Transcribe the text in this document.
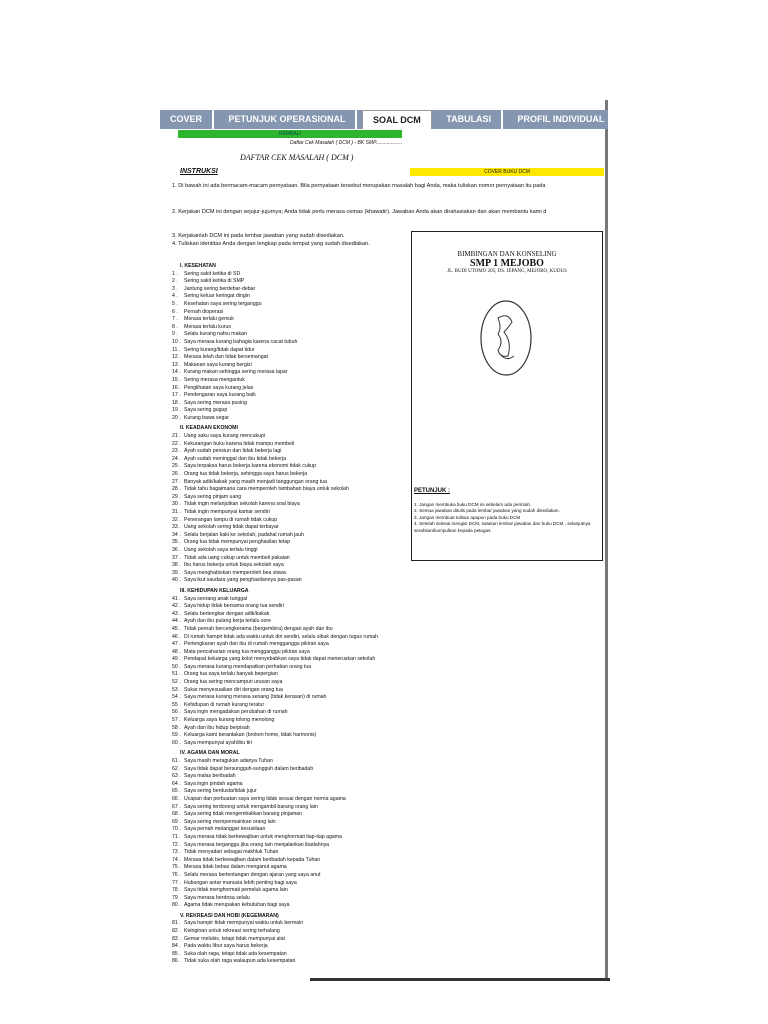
COVER	PETUNJUK OPERASIONAL	SOAL DCM	TABULASI	PROFIL INDIVIDUAL	PROFIL KE...
KEMBALI
Daftar Cek Masalah ( DCM ) - BK SMP...................
DAFTAR CEK MASALAH ( DCM )
INSTRUKSI	COVER BUKU DCM
1. Di bawah ini ada bermacam-macam pernyataan. Bila pernyataan tersebut merupakan masalah bagi Anda, maka tuliskan nomor pernyataan itu pada
2. Kerjakan DCM ini dengan sejujur-jujurnya; Anda tidak perlu merasa cemas (khawatir). Jawaban Anda akan dirahasiakan dan akan membantu kami d
3. Kerjakanlah DCM ini pada lembar jawaban yang sudah disediakan.
4. Tuliskan identitas Anda dengan lengkap pada tempat yang sudah disediakan.
I. KESEHATAN
1 . Sering sakit ketika di SD
2 . Sering sakit ketika di SMP
3 . Jantung sering berdebar-debar
4 . Sering keluar keringat dingin
5 . Kesehatan saya sering terganggu
6 . Pernah dioperasi
7 . Merasa terlalu gemuk
8 . Merasa terlalu kurus
9 . Selalu kurang nafsu makan
10 . Saya merasa kurang bahagia karena cacat tubuh
11 . Sering kurang/tidak dapat tidur
12 . Merasa lelah dan tidak bersemangat
13 . Makanan saya kurang bergizi
14 . Kurang makan sehingga sering merasa lapar
15 . Sering merasa mengantuk
16 . Penglihatan saya kurang jelas
17 . Pendengaran saya kurang baik
18 . Saya sering merasa pusing
19 . Saya sering gugup
20 . Kurang bawa segar
II. KEADAAN EKONOMI
21 . Uang saku saya kurang mencukupi
22 . Kekurangan buku karena tidak mampu membeli
23 . Ayah sudah pensiun dan tidak bekerja lagi
24 . Ayah sudah meninggal dan ibu tidak bekerja
25 . Saya terpaksa harus bekerja karena ekonomi tidak cukup
26 . Orang tua tidak bekerja, sehingga saya harus bekerja
27 . Banyak adik/kakak yang masih menjadi tanggungan orang tua
28 . Tidak tahu bagaimana cara memperoleh tambahan biaya untuk sekolah
29 . Saya sering pinjam uang
30 . Tidak ingin melanjutkan sekolah karena soal biaya
31 . Tidak ingin mempunyai kamar sendiri
32 . Penerangan lampu di rumah tidak cukup
33 . Uang sekolah sering tidak dapat terbayar
34 . Selalu berjalan kaki ke sekolah, padahal rumah jauh
35 . Orang tua tidak mempunyai penghasilan tetap
36 . Uang sekolah saya terlalu tinggi
37 . Tidak ada uang cukup untuk membeli pakaian
38 . Ibu harus bekerja untuk biaya sekolah saya
39 . Saya menghabiskan memperoleh bea siswa
40 . Saya ikut saudara yang penghasilannya pas-pasan
III. KEHIDUPAN KELUARGA
41 . Saya seorang anak tunggal
42 . Saya hidup tidak bersama orang tua sendiri
43 . Selalu bertengkar dengan adik/kakak
44 . Ayah dan ibu pulang kerja terlalu sore
45 . Tidak pernah bercengkerama (bergembira) dengan ayah dan ibu
46 . Di rumah hampir tidak ada waktu untuk diri sendiri, selalu sibuk dengan tugas rumah
47 . Pertengkaran ayah dan ibu di rumah mengganggu pikiran saya
48 . Mata pencaharian orang tua mengganggu pikiran saya
49 . Pendapat keluarga yang kolot menyebabkan saya tidak dapat meneruskan sekolah
50 . Saya merasa kurang mendapatkan perhatian orang tua
51 . Orang tua saya terlalu banyak bepergian
52 . Orang tua sering mencampuri urusan saya
53 . Sukar menyesuaikan diri dengan orang tua
54 . Saya merasa kurang merasa senang (tidak kerasan) di rumah
55 . Kehidupan di rumah kurang teratur
56 . Saya ingin mengadakan perubahan di rumah
57 . Keluarga saya kurang tolong menolong
58 . Ayah dan ibu hidup berpisah
59 . Keluarga kami berantakan (broken home, tidak harmonis)
60 . Saya mempunyai ayah/ibu tiri
IV. AGAMA DAN MORAL
61 . Saya masih meragukan adanya Tuhan
62 . Saya tidak dapat bersungguh-sungguh dalam beribadah
63 . Saya malas beribadah
64 . Saya ingin pindah agama
65 . Saya sering berdusta/tidak jujur
66 . Ucapan dan perbuatan saya sering tidak sesuai dengan norma agama
67 . Saya sering terdorong untuk mengambil barang orang lain
68 . Saya sering tidak mengembalikan barang pinjaman
69 . Saya sering mempermainkan orang lain
70 . Saya pernah melanggar kesusilaan
71 . Saya merasa tidak berkewajiban untuk menghormati tiap-tiap agama
72 . Saya merasa terganggu jika orang lain menjalankan ibadahnya
73 . Tidak menyadari sebagai makhluk Tuhan
74 . Merasa tidak berkewajiban dalam beribadah kepada Tuhan
75 . Merasa tidak bebas dalam menganut agama
76 . Selalu merasa bertentangan dengan ajaran yang saya anut
77 . Hubungan antar manusia lebih penting bagi saya
78 . Saya tidak menghormati pemeluk agama lain
79 . Saya merasa berdosa selalu
80 . Agama tidak merupakan kebutuhan bagi saya
V. REKREASI DAN HOBI (KEGEMARAN)
81 . Saya hampir tidak mempunyai waktu untuk bermain
82 . Keinginan untuk rekreasi sering terhalang
83 . Gemar melukis, tetapi tidak mempunyai alat
84 . Pada waktu libur saya harus bekerja
85 . Suka olah raga, tetapi tidak ada kesempatan
86 . Tidak suka olah raga walaupun ada kesempatan
BIMBINGAN DAN KONSELING
SMP 1 MEJOBO
JL. BUDI UTOMO 205, DS. JEPANG, MEJOBO, KUDUS
PETUNJUK :
1. Jangan membuka buku DCM ini sebelum ada perintah.
2. Semua jawaban ditulis pada lembar jawaban yang sudah disediakan.
3. Jangan membuat tulisan apapun pada buku DCM
4. Setelah selesai mengisi DCM, satukan lembar jawaban dan buku DCM , selanjutnya serahkan/kumpulkan kepada petugas.
